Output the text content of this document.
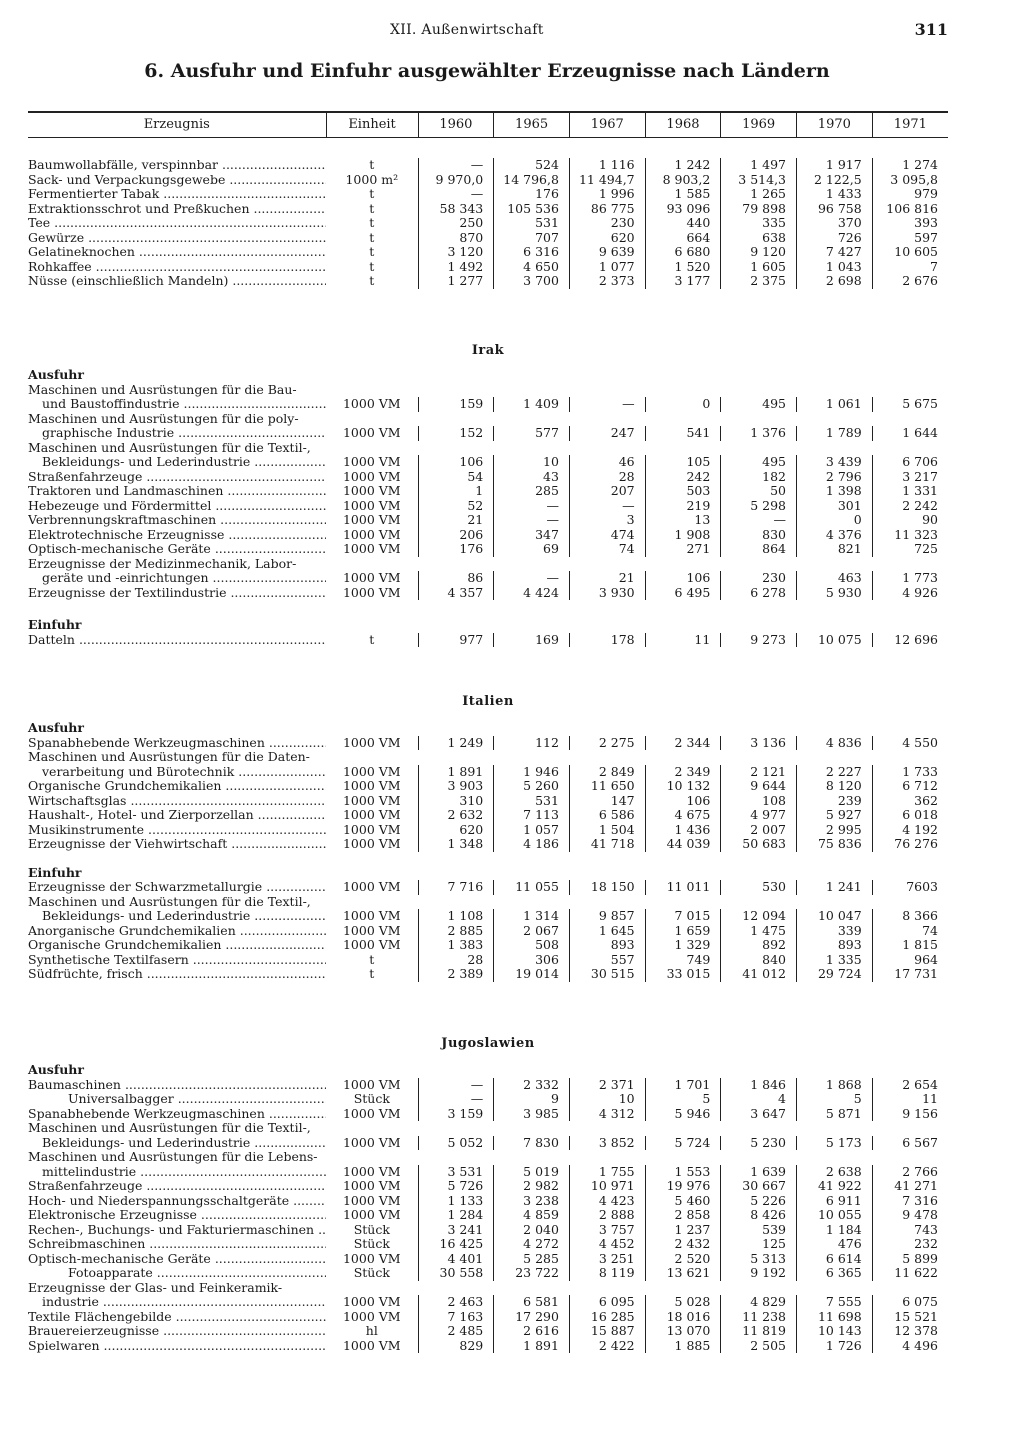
XII. Außenwirtschaft	311
6. Ausfuhr und Einfuhr ausgewählter Erzeugnisse nach Ländern
Erzeugnis	Einheit	1960	1965	1967	1968	1969	1970	1971
Baumwollabfälle, verspinnbar .....	t	—	524	1 116	1 242	1 497	1 917	1 274
Sack- und Verpackungsgewebe .....	1000 m²	9 970,0	14 796,8	11 494,7	8 903,2	3 514,3	2 122,5	3 095,8
Fermentierter Tabak .....	t	—	176	1 996	1 585	1 265	1 433	979
Extraktionsschrot und Preßkuchen .....	t	58 343	105 536	86 775	93 096	79 898	96 758	106 816
Tee .....	t	250	531	230	440	335	370	393
Gewürze .....	t	870	707	620	664	638	726	597
Gelatineknochen .....	t	3 120	6 316	9 639	6 680	9 120	7 427	10 605
Rohkaffee .....	t	1 492	4 650	1 077	1 520	1 605	1 043	7
Nüsse (einschließlich Mandeln) .....	t	1 277	3 700	2 373	3 177	2 375	2 698	2 676
Irak
Ausfuhr								
Maschinen und Ausrüstungen für die Bau-								
und Baustoffindustrie .....	1000 VM	159	1 409	—	0	495	1 061	5 675
Maschinen und Ausrüstungen für die poly-								
graphische Industrie .....	1000 VM	152	577	247	541	1 376	1 789	1 644
Maschinen und Ausrüstungen für die Textil-,								
Bekleidungs- und Lederindustrie .....	1000 VM	106	10	46	105	495	3 439	6 706
Straßenfahrzeuge .....	1000 VM	54	43	28	242	182	2 796	3 217
Traktoren und Landmaschinen .....	1000 VM	1	285	207	503	50	1 398	1 331
Hebezeuge und Fördermittel .....	1000 VM	52	—	—	219	5 298	301	2 242
Verbrennungskraftmaschinen .....	1000 VM	21	—	3	13	—	0	90
Elektrotechnische Erzeugnisse .....	1000 VM	206	347	474	1 908	830	4 376	11 323
Optisch-mechanische Geräte .....	1000 VM	176	69	74	271	864	821	725
Erzeugnisse der Medizinmechanik, Labor-								
geräte und -einrichtungen .....	1000 VM	86	—	21	106	230	463	1 773
Erzeugnisse der Textilindustrie .....	1000 VM	4 357	4 424	3 930	6 495	6 278	5 930	4 926
Einfuhr								
Datteln .....	t	977	169	178	11	9 273	10 075	12 696
Italien
Ausfuhr								
Spanabhebende Werkzeugmaschinen .....	1000 VM	1 249	112	2 275	2 344	3 136	4 836	4 550
Maschinen und Ausrüstungen für die Daten-								
verarbeitung und Bürotechnik .....	1000 VM	1 891	1 946	2 849	2 349	2 121	2 227	1 733
Organische Grundchemikalien .....	1000 VM	3 903	5 260	11 650	10 132	9 644	8 120	6 712
Wirtschaftsglas .....	1000 VM	310	531	147	106	108	239	362
Haushalt-, Hotel- und Zierporzellan .....	1000 VM	2 632	7 113	6 586	4 675	4 977	5 927	6 018
Musikinstrumente .....	1000 VM	620	1 057	1 504	1 436	2 007	2 995	4 192
Erzeugnisse der Viehwirtschaft .....	1000 VM	1 348	4 186	41 718	44 039	50 683	75 836	76 276
Einfuhr								
Erzeugnisse der Schwarzmetallurgie .....	1000 VM	7 716	11 055	18 150	11 011	530	1 241	7603
Maschinen und Ausrüstungen für die Textil-,								
Bekleidungs- und Lederindustrie .....	1000 VM	1 108	1 314	9 857	7 015	12 094	10 047	8 366
Anorganische Grundchemikalien .....	1000 VM	2 885	2 067	1 645	1 659	1 475	339	74
Organische Grundchemikalien .....	1000 VM	1 383	508	893	1 329	892	893	1 815
Synthetische Textilfasern .....	t	28	306	557	749	840	1 335	964
Südfrüchte, frisch .....	t	2 389	19 014	30 515	33 015	41 012	29 724	17 731
Jugoslawien
Ausfuhr								
Baumaschinen .....	1000 VM	—	2 332	2 371	1 701	1 846	1 868	2 654
Universalbagger .....	Stück	—	9	10	5	4	5	11
Spanabhebende Werkzeugmaschinen .....	1000 VM	3 159	3 985	4 312	5 946	3 647	5 871	9 156
Maschinen und Ausrüstungen für die Textil-,								
Bekleidungs- und Lederindustrie .....	1000 VM	5 052	7 830	3 852	5 724	5 230	5 173	6 567
Maschinen und Ausrüstungen für die Lebens-								
mittelindustrie .....	1000 VM	3 531	5 019	1 755	1 553	1 639	2 638	2 766
Straßenfahrzeuge .....	1000 VM	5 726	2 982	10 971	19 976	30 667	41 922	41 271
Hoch- und Niederspannungsschaltgeräte .....	1000 VM	1 133	3 238	4 423	5 460	5 226	6 911	7 316
Elektronische Erzeugnisse .....	1000 VM	1 284	4 859	2 888	2 858	8 426	10 055	9 478
Rechen-, Buchungs- und Fakturiermaschinen .....	Stück	3 241	2 040	3 757	1 237	539	1 184	743
Schreibmaschinen .....	Stück	16 425	4 272	4 452	2 432	125	476	232
Optisch-mechanische Geräte .....	1000 VM	4 401	5 285	3 251	2 520	5 313	6 614	5 899
Fotoapparate .....	Stück	30 558	23 722	8 119	13 621	9 192	6 365	11 622
Erzeugnisse der Glas- und Feinkeramik-								
industrie .....	1000 VM	2 463	6 581	6 095	5 028	4 829	7 555	6 075
Textile Flächengebilde .....	1000 VM	7 163	17 290	16 285	18 016	11 238	11 698	15 521
Brauereierzeugnisse .....	hl	2 485	2 616	15 887	13 070	11 819	10 143	12 378
Spielwaren .....	1000 VM	829	1 891	2 422	1 885	2 505	1 726	4 496
